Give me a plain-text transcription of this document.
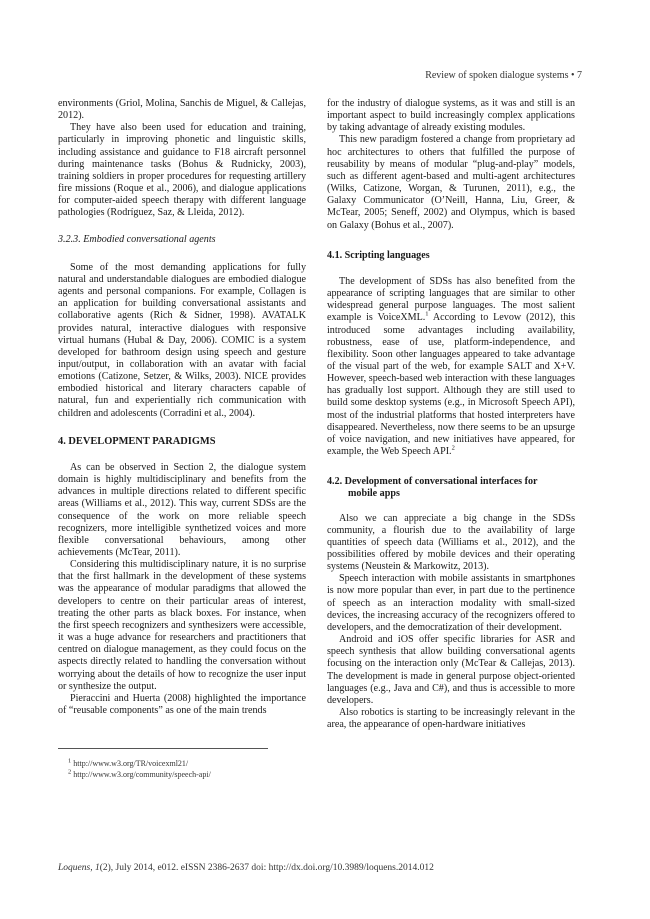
Review of spoken dialogue systems • 7

environments (Griol, Molina, Sanchis de Miguel, & Callejas, 2012).

They have also been used for education and training, particularly in improving phonetic and linguistic skills, including assistance and guidance to F18 aircraft personnel during maintenance tasks (Bohus & Rudnicky, 2003), training soldiers in proper procedures for requesting artillery fire missions (Roque et al., 2006), and dialogue applications for computer-aided speech therapy with different language pathologies (Rodríguez, Saz, & Lleida, 2012).

3.2.3. Embodied conversational agents

Some of the most demanding applications for fully natural and understandable dialogues are embodied dialogue agents and personal companions. For example, Collagen is an application for building conversational assistants and collaborative agents (Rich & Sidner, 1998). AVATALK provides natural, interactive dialogues with responsive virtual humans (Hubal & Day, 2006). COMIC is a system developed for bathroom design using speech and gesture input/output, in collaboration with an avatar with facial emotions (Catizone, Setzer, & Wilks, 2003). NICE provides embodied historical and literary characters capable of natural, fun and experientially rich communication with children and adolescents (Corradini et al., 2004).

4. DEVELOPMENT PARADIGMS

As can be observed in Section 2, the dialogue system domain is highly multidisciplinary and benefits from the advances in multiple directions related to different specific areas (Williams et al., 2012). This way, current SDSs are the consequence of the work on more reliable speech recognizers, more intelligible synthetized voices and more flexible conversational behaviours, among other achievements (McTear, 2011).

Considering this multidisciplinary nature, it is no surprise that the first hallmark in the development of these systems was the appearance of modular paradigms that allowed the developers to centre on their particular areas of interest, treating the other parts as black boxes. For instance, when the first speech recognizers and synthesizers were accessible, it was a huge advance for researchers and practitioners that centred on dialogue management, as they could focus on the aspects directly related to handling the conversation without worrying about the details of how to recognize the user input or synthesize the output.

Pieraccini and Huerta (2008) highlighted the importance of “reusable components” as one of the main trends

for the industry of dialogue systems, as it was and still is an important aspect to build increasingly complex applications by taking advantage of already existing modules.

This new paradigm fostered a change from proprietary ad hoc architectures to others that fulfilled the purpose of reusability by means of modular “plug-and-play” models, such as different agent-based and multi-agent architectures (Wilks, Catizone, Worgan, & Turunen, 2011), e.g., the Galaxy Communicator (O’Neill, Hanna, Liu, Greer, & McTear, 2005; Seneff, 2002) and Olympus, which is based on Galaxy (Bohus et al., 2007).

4.1. Scripting languages

The development of SDSs has also benefited from the appearance of scripting languages that are similar to other widespread general purpose languages. The most salient example is VoiceXML.$^1$ According to Levow (2012), this introduced some advantages including availability, robustness, ease of use, platform-independence, and flexibility. Soon other languages appeared to take advantage of the visual part of the web, for example SALT and X+V. However, speech-based web interaction with these languages has gradually lost support. Although they are still used to build some desktop systems (e.g., in Microsoft Speech API), most of the industrial platforms that hosted interpreters have disappeared. Nevertheless, now there seems to be an upsurge of voice navigation, and new initiatives have appeared, for example, the Web Speech API.$^2$

4.2. Development of conversational interfaces for
mobile apps

Also we can appreciate a big change in the SDSs community, a flourish due to the availability of large quantities of speech data (Williams et al., 2012), and the possibilities offered by mobile devices and their operating systems (Neustein & Markowitz, 2013).

Speech interaction with mobile assistants in smartphones is now more popular than ever, in part due to the pertinence of speech as an interaction modality with small-sized devices, the increasing accuracy of the recognizers offered to developers, and the democratization of their development.

Android and iOS offer specific libraries for ASR and speech synthesis that allow building conversational agents focusing on the interaction only (McTear & Callejas, 2013). The development is made in general purpose object-oriented languages (e.g., Java and C#), and thus is accessible to more developers.

Also robotics is starting to be increasingly relevant in the area, the appearance of open-hardware initiatives

$^1$ http://www.w3.org/TR/voicexml21/
$^2$ http://www.w3.org/community/speech-api/
Loquens, 1(2), July 2014, e012. eISSN 2386-2637 doi: http://dx.doi.org/10.3989/loquens.2014.012
